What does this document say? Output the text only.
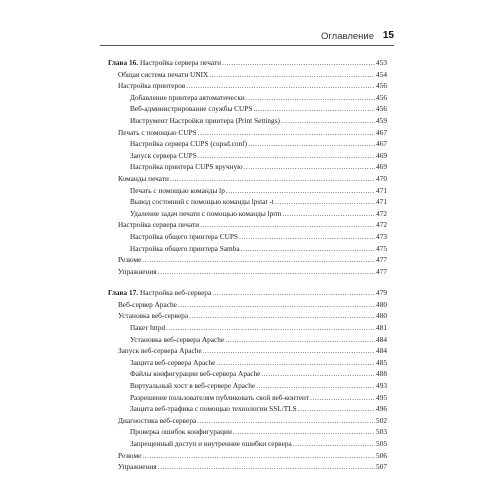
Оглавление 15
Глава 16. Настройка сервера печати .....	453
Общая система печати UNIX .....	454
Настройка принтеров .....	456
Добавление принтера автоматически .....	456
Веб-администрирование службы CUPS .....	456
Инструмент Настройки принтера (Print Settings) .....	459
Печать с помощью CUPS .....	467
Настройка сервера CUPS (cupsd.conf) .....	467
Запуск сервера CUPS .....	469
Настройка принтера CUPS вручную .....	469
Команды печати .....	470
Печать с помощью команды lp .....	471
Вывод состояний с помощью команды lpstat -t .....	471
Удаление задач печати с помощью команды lprm .....	472
Настройка сервера печати .....	472
Настройка общего принтера CUPS .....	473
Настройка общего принтера Samba .....	475
Резюме .....	477
Упражнения .....	477
Глава 17. Настройка веб-сервера .....	479
Веб-сервер Apache .....	480
Установка веб-сервера .....	480
Пакет httpd .....	481
Установка веб-сервера Apache .....	484
Запуск веб-сервера Apache .....	484
Защита веб-сервера Apache .....	485
Файлы конфигурации веб-сервера Apache .....	488
Виртуальный хост в веб-сервере Apache .....	493
Разрешение пользователям публиковать свой веб-контент .....	495
Защита веб-трафика с помощью технологии SSL/TLS .....	496
Диагностика веб-сервера .....	502
Проверка ошибок конфигурации .....	503
Запрещенный доступ и внутренние ошибки сервера .....	505
Резюме .....	506
Упражнения .....	507
